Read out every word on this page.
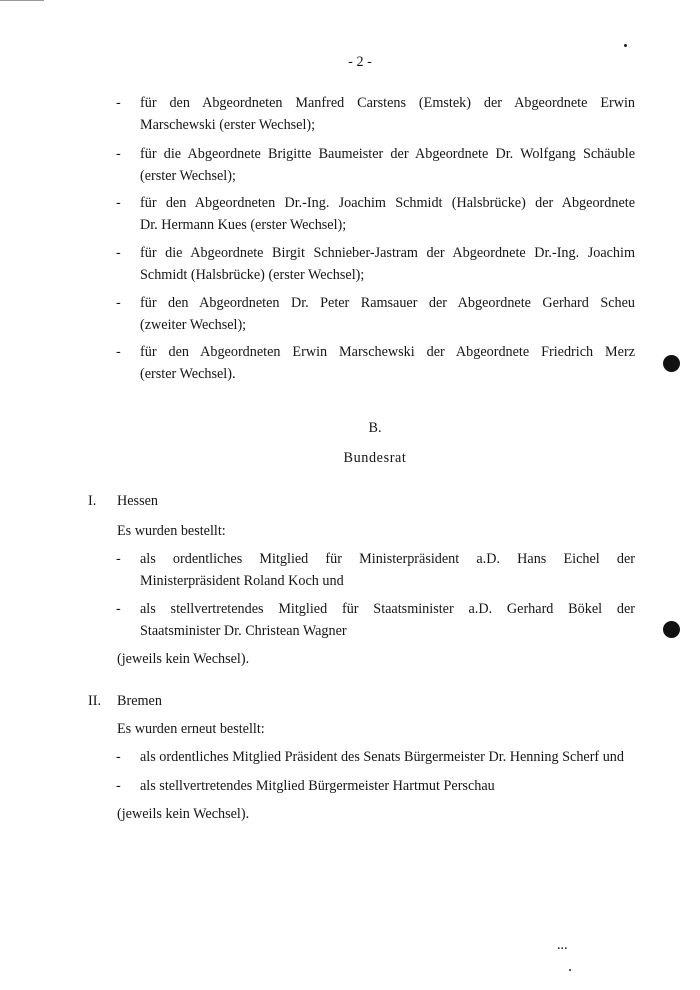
- 2 -
- für den Abgeordneten Manfred Carstens (Emstek) der Abgeordnete Erwin
Marschewski (erster Wechsel);
- für die Abgeordnete Brigitte Baumeister der Abgeordnete Dr. Wolfgang Schäuble
(erster Wechsel);
- für den Abgeordneten Dr.-Ing. Joachim Schmidt (Halsbrücke) der Abgeordnete
Dr. Hermann Kues (erster Wechsel);
- für die Abgeordnete Birgit Schnieber-Jastram der Abgeordnete Dr.-Ing. Joachim
Schmidt (Halsbrücke) (erster Wechsel);
- für den Abgeordneten Dr. Peter Ramsauer der Abgeordnete Gerhard Scheu
(zweiter Wechsel);
- für den Abgeordneten Erwin Marschewski der Abgeordnete Friedrich Merz
(erster Wechsel).
B.
Bundesrat
I. Hessen
Es wurden bestellt:
- als ordentliches Mitglied für Ministerpräsident a.D. Hans Eichel der
Ministerpräsident Roland Koch und
- als stellvertretendes Mitglied für Staatsminister a.D. Gerhard Bökel der
Staatsminister Dr. Christean Wagner
(jeweils kein Wechsel).
II. Bremen
Es wurden erneut bestellt:
- als ordentliches Mitglied Präsident des Senats Bürgermeister Dr. Henning Scherf und
- als stellvertretendes Mitglied Bürgermeister Hartmut Perschau
(jeweils kein Wechsel).
...
